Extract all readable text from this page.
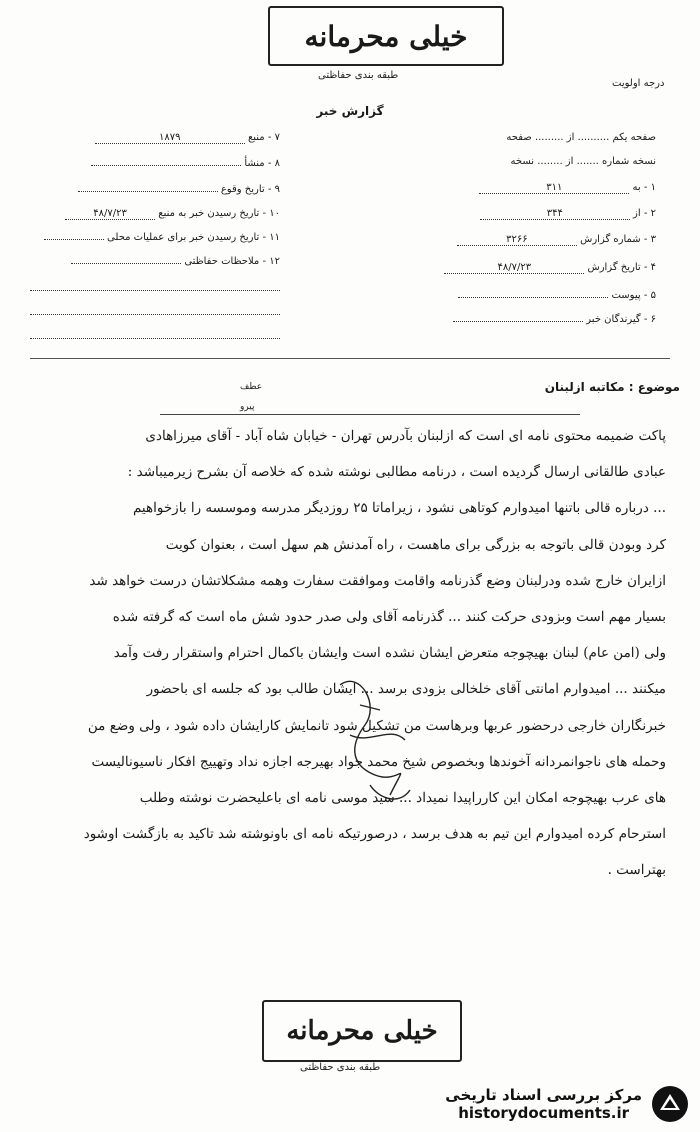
خیلی محرمانه
طبقه بندی حفاظتی
درجه اولویت
گزارش خبر
صفحه یکم .......... از ......... صفحه
نسخه شماره ....... از ........ نسخه
۱ - به ۳۱۱
۲ - از ۳۴۴
۳ - شماره گزارش ۳۲۶۶
۴ - تاریخ گزارش ۴۸/۷/۲۳
۵ - پیوست
۶ - گیرندگان خبر
۷ - منبع ۱۸۷۹
۸ - منشأ
۹ - تاریخ وقوع
۱۰ - تاریخ رسیدن خبر به منبع ۴۸/۷/۲۳
۱۱ - تاریخ رسیدن خبر برای عملیات محلی
۱۲ - ملاحظات حفاظتی
موضوع : مکاتبه ازلبنان
عطف
پیرو

پاکت ضمیمه محتوی نامه ای است که ازلبنان بآدرس تهران - خیابان شاه آباد - آقای میرزاهادی

عبادی طالقانی ارسال گردیده است ، درنامه مطالبی نوشته شده که خلاصه آن بشرح زیرمیباشد :

... درباره قالی باتنها امیدوارم کوتاهی نشود ، زیراماتا ۲۵ روزدیگر مدرسه وموسسه را بازخواهیم

کرد وبودن قالی باتوجه به بزرگی برای ماهست ، راه آمدنش هم سهل است ، بعنوان کویت

ازایران خارج شده ودرلبنان وضع گذرنامه واقامت وموافقت سفارت وهمه مشکلاتشان درست خواهد شد

بسیار مهم است وبزودی حرکت کنند ... گذرنامه آقای ولی صدر حدود شش ماه است که گرفته شده

ولی (امن عام) لبنان بهیچوجه متعرض ایشان نشده است وایشان باکمال احترام واستقرار رفت وآمد

میکنند ... امیدوارم امانتی آقای خلخالی بزودی برسد ... ایشان طالب بود که جلسه ای باحضور

خبرنگاران خارجی درحضور عربها وبرهاست من تشکیل شود تانمایش کارایشان داده شود ، ولی وضع من

وحمله های ناجوانمردانه آخوندها وبخصوص شیخ محمد جواد بهیرجه اجازه نداد وتهییج افکار ناسیونالیست

های عرب بهیچوجه امکان این کارراپیدا نمیداد ... سید موسی نامه ای باعلیحضرت نوشته وطلب

استرحام کرده امیدوارم این تیم به هدف برسد ، درصورتیکه نامه ای باونوشته شد تاکید به بازگشت اوشود

بهتراست .

خیلی محرمانه
طبقه بندی حفاظتی
مرکز بررسی اسناد تاریخی
historydocuments.ir
